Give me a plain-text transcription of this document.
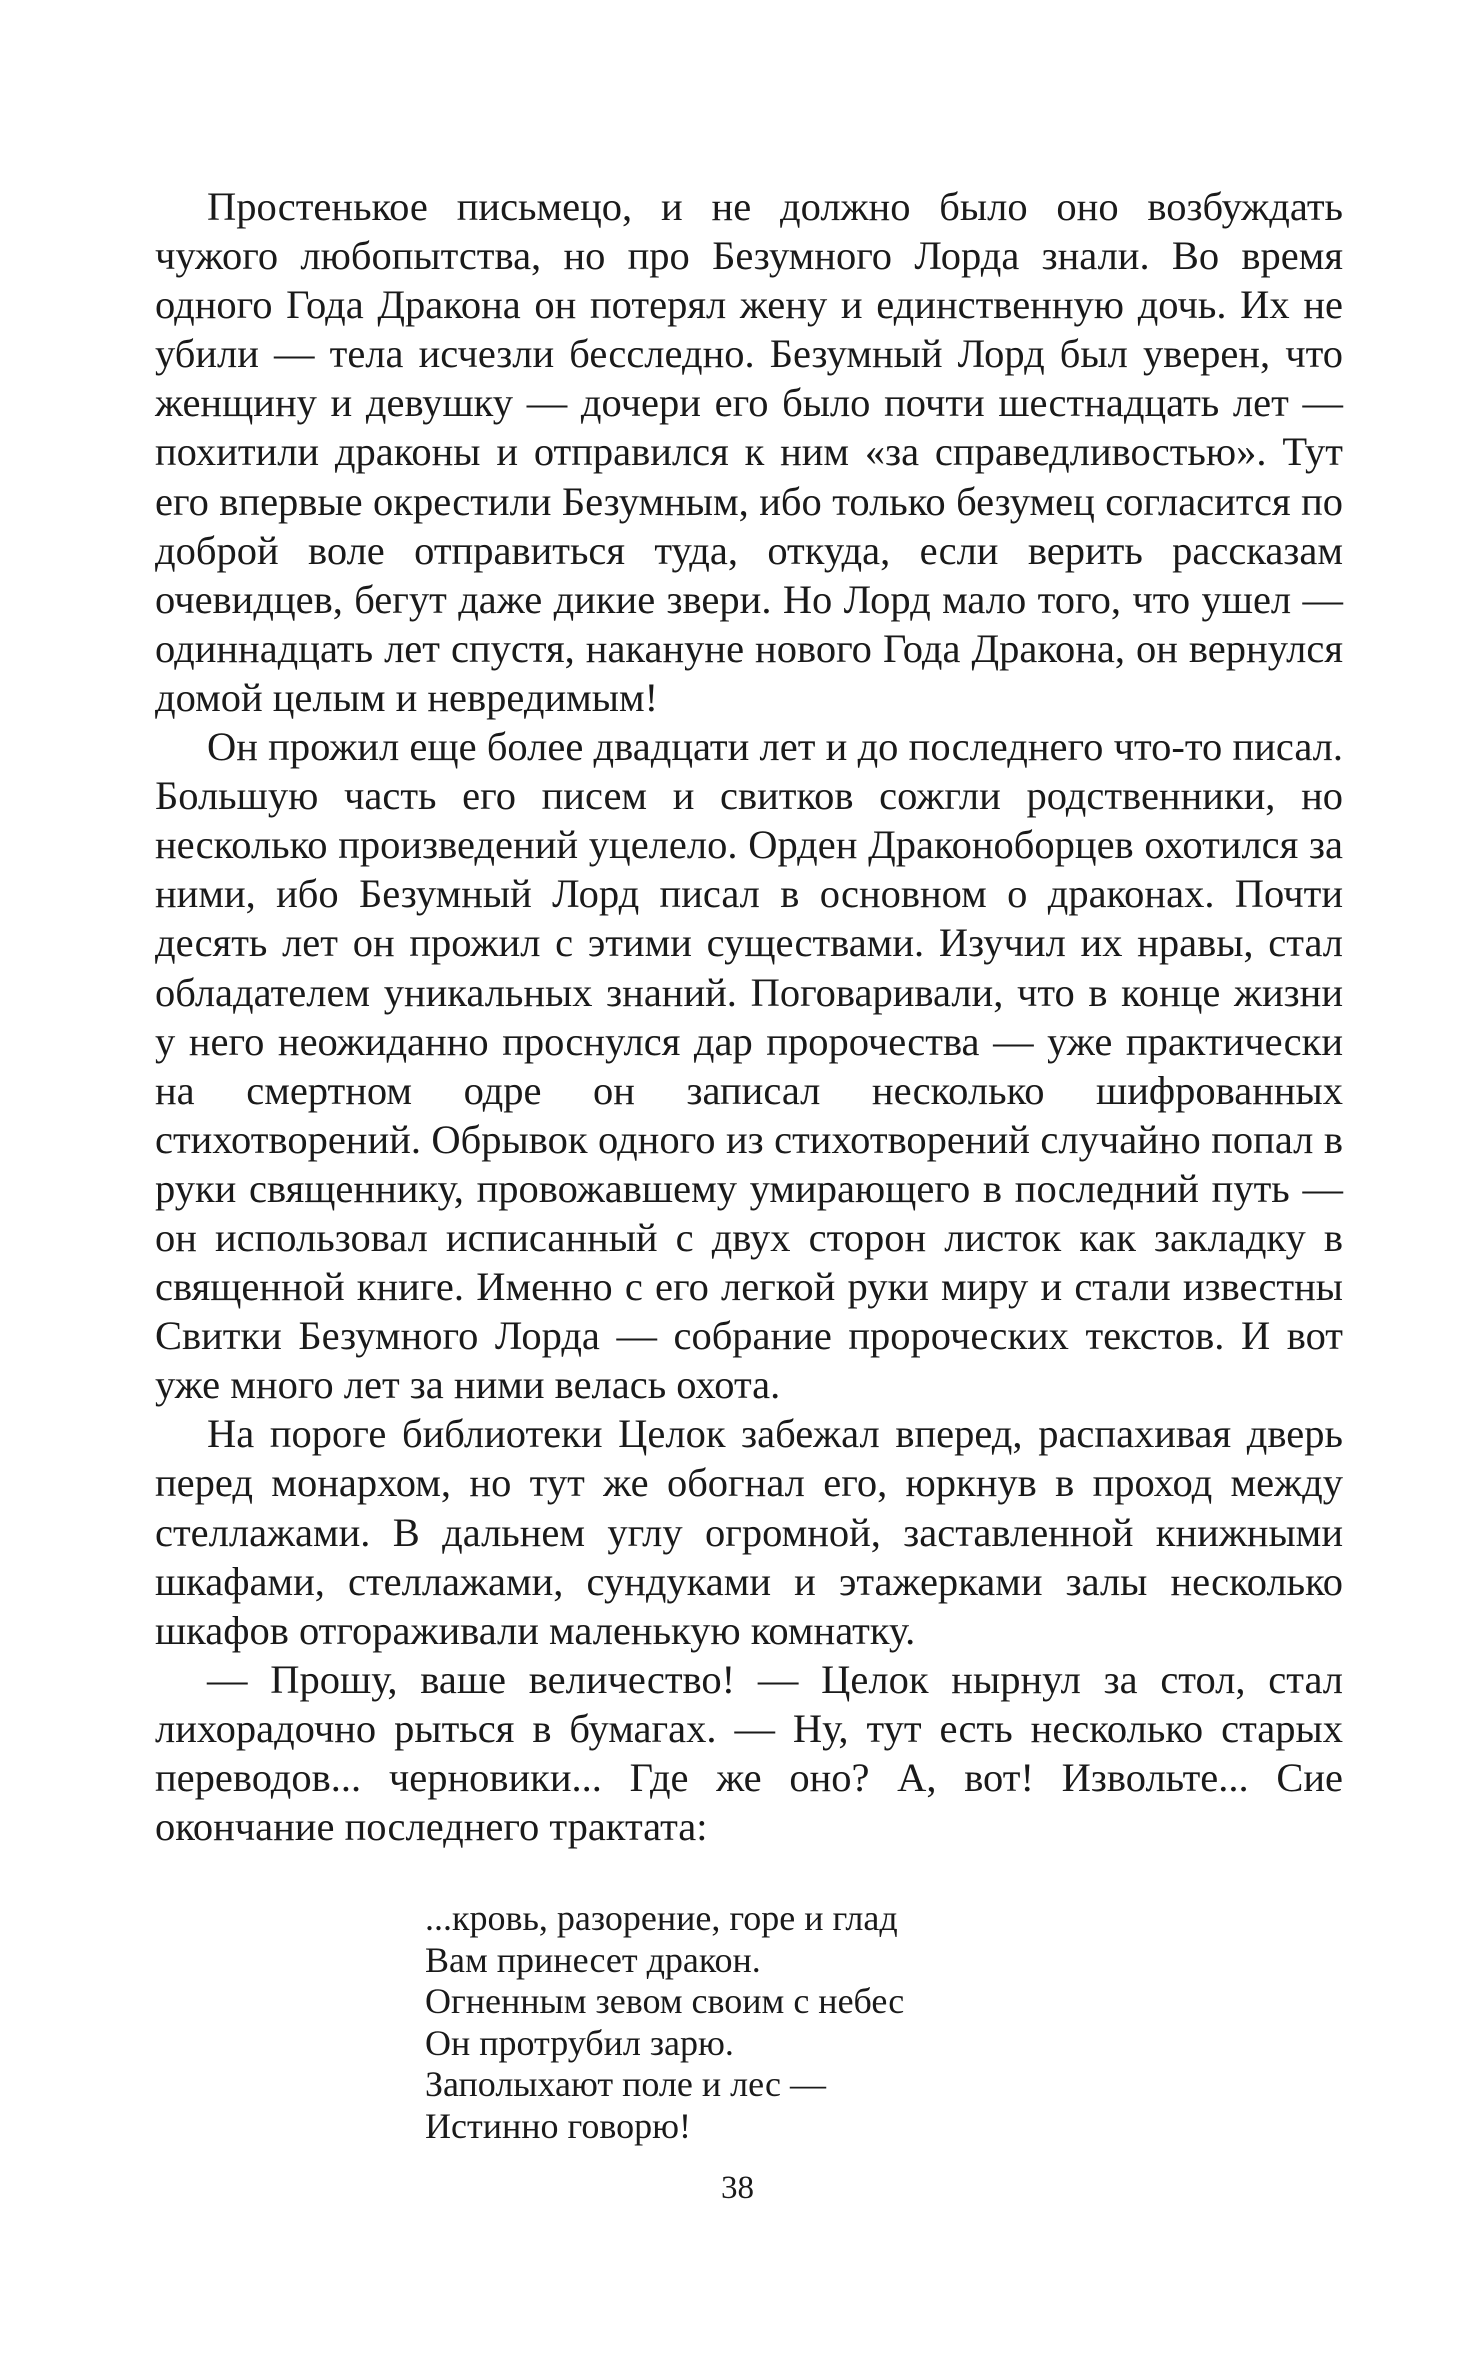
Простенькое письмецо, и не должно было оно возбуждать чужого любопытства, но про Безумного Лорда знали. Во время одного Года Дракона он потерял жену и единственную дочь. Их не убили — тела исчезли бесследно. Безумный Лорд был уверен, что женщину и девушку — дочери его было почти шестнадцать лет — похитили драконы и отправился к ним «за справедливостью». Тут его впервые окрестили Безумным, ибо только безумец согласится по доброй воле отправиться туда, откуда, если верить рассказам очевидцев, бегут даже дикие звери. Но Лорд мало того, что ушел — одиннадцать лет спустя, накануне нового Года Дракона, он вернулся домой целым и невредимым!

Он прожил еще более двадцати лет и до последнего что-то писал. Большую часть его писем и свитков сожгли родственники, но несколько произведений уцелело. Орден Драконоборцев охотился за ними, ибо Безумный Лорд писал в основном о драконах. Почти десять лет он прожил с этими существами. Изучил их нравы, стал обладателем уникальных знаний. Поговаривали, что в конце жизни у него неожиданно проснулся дар пророчества — уже практически на смертном одре он записал несколько шифрованных стихотворений. Обрывок одного из стихотворений случайно попал в руки священнику, провожавшему умирающего в последний путь — он использовал исписанный с двух сторон листок как закладку в священной книге. Именно с его легкой руки миру и стали известны Свитки Безумного Лорда — собрание пророческих текстов. И вот уже много лет за ними велась охота.

На пороге библиотеки Целок забежал вперед, распахивая дверь перед монархом, но тут же обогнал его, юркнув в проход между стеллажами. В дальнем углу огромной, заставленной книжными шкафами, стеллажами, сундуками и этажерками залы несколько шкафов отгораживали маленькую комнатку.

— Прошу, ваше величество! — Целок нырнул за стол, стал лихорадочно рыться в бумагах. — Ну, тут есть несколько старых переводов... черновики... Где же оно? А, вот! Извольте... Сие окончание последнего трактата:

...кровь, разорение, горе и глад
Вам принесет дракон.
Огненным зевом своим с небес
Он протрубил зарю.
Заполыхают поле и лес —
Истинно говорю!
38
